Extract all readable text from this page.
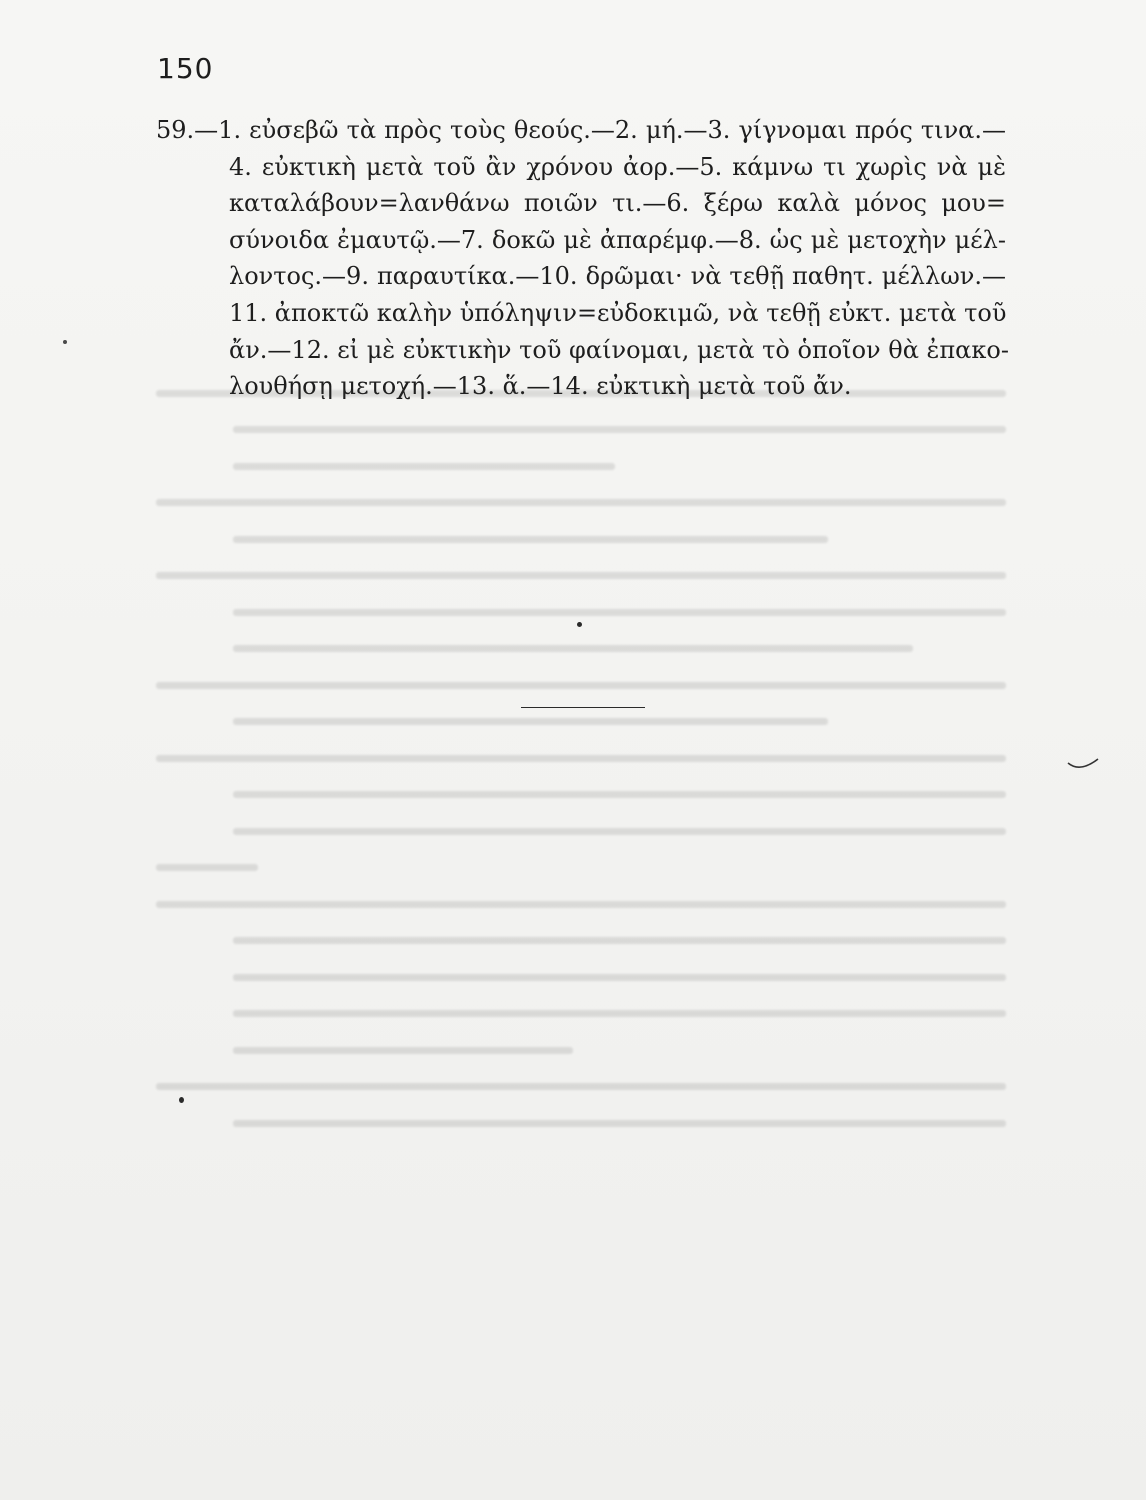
150
59.—1. εὐσεβῶ τὰ πρὸς τοὺς θεούς.—2. μή.—3. γίγνομαι πρός τινα.—
4. εὐκτικὴ μετὰ τοῦ ἂν χρόνου ἀορ.—5. κάμνω τι χωρὶς νὰ μὲ
καταλάβουν=λανθάνω ποιῶν τι.—6. ξέρω καλὰ μόνος μου=
σύνοιδα ἐμαυτῷ.—7. δοκῶ μὲ ἀπαρέμφ.—8. ὡς μὲ μετοχὴν μέλ-
λοντος.—9. παραυτίκα.—10. δρῶμαι· νὰ τεθῇ παθητ. μέλλων.—
11. ἀποκτῶ καλὴν ὑπόληψιν=εὐδοκιμῶ, νὰ τεθῇ εὐκτ. μετὰ τοῦ
ἄν.—12. εἰ μὲ εὐκτικὴν τοῦ φαίνομαι, μετὰ τὸ ὁποῖον θὰ ἐπακο-
λουθήσῃ μετοχή.—13. ἅ.—14. εὐκτικὴ μετὰ τοῦ ἄν.
